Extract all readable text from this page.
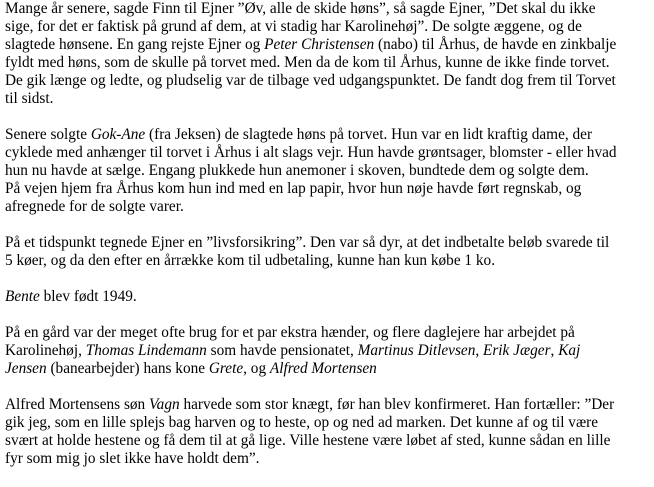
Mange år senere, sagde Finn til Ejner ”Øv, alle de skide høns”, så sagde Ejner, ”Det skal du ikke
sige, for det er faktisk på grund af dem, at vi stadig har Karolinehøj”. De solgte æggene, og de
slagtede hønsene. En gang rejste Ejner og Peter Christensen (nabo) til Århus, de havde en zinkbalje
fyldt med høns, som de skulle på torvet med. Men da de kom til Århus, kunne de ikke finde torvet.
De gik længe og ledte, og pludselig var de tilbage ved udgangspunktet. De fandt dog frem til Torvet
til sidst.
Senere solgte Gok-Ane (fra Jeksen) de slagtede høns på torvet. Hun var en lidt kraftig dame, der
cyklede med anhænger til torvet i Århus i alt slags vejr. Hun havde grøntsager, blomster - eller hvad
hun nu havde at sælge. Engang plukkede hun anemoner i skoven, bundtede dem og solgte dem.
På vejen hjem fra Århus kom hun ind med en lap papir, hvor hun nøje havde ført regnskab, og
afregnede for de solgte varer.
På et tidspunkt tegnede Ejner en ”livsforsikring”. Den var så dyr, at det indbetalte beløb svarede til
5 køer, og da den efter en årrække kom til udbetaling, kunne han kun købe 1 ko.
Bente blev født 1949.
På en gård var der meget ofte brug for et par ekstra hænder, og flere daglejere har arbejdet på
Karolinehøj, Thomas Lindemann som havde pensionatet, Martinus Ditlevsen, Erik Jæger, Kaj
Jensen (banearbejder) hans kone Grete, og Alfred Mortensen
Alfred Mortensens søn Vagn harvede som stor knægt, før han blev konfirmeret. Han fortæller: ”Der
gik jeg, som en lille splejs bag harven og to heste, op og ned ad marken. Det kunne af og til være
svært at holde hestene og få dem til at gå lige. Ville hestene være løbet af sted, kunne sådan en lille
fyr som mig jo slet ikke have holdt dem”.
